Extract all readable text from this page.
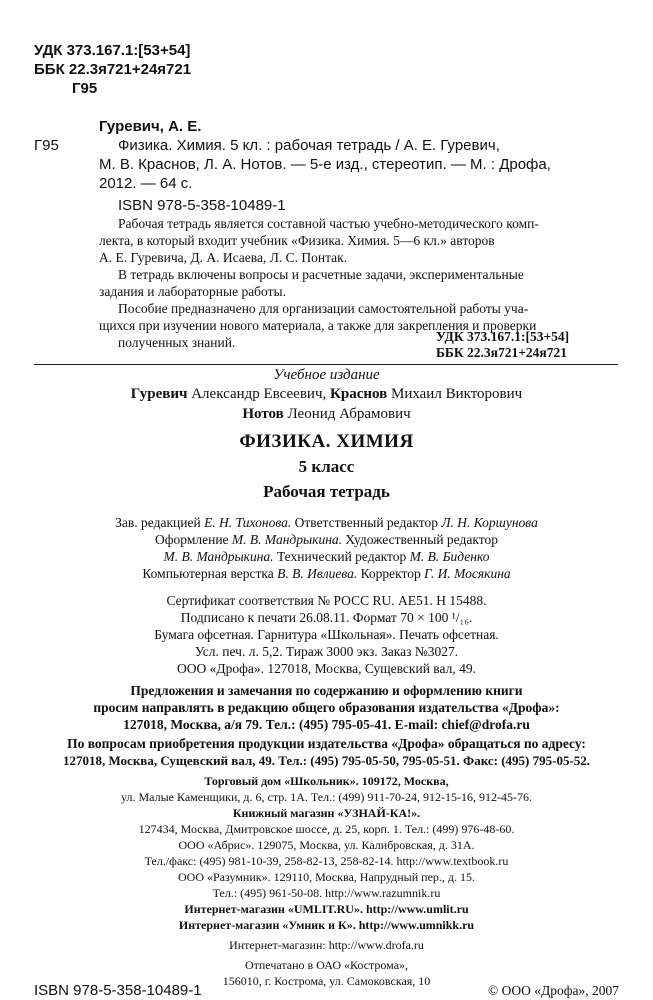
УДК 373.167.1:[53+54]
ББК 22.3я721+24я721
Г95
Гуревич, А. Е.
Г95	Физика. Химия. 5 кл. : рабочая тетрадь / А. Е. Гуревич,
М. В. Краснов, Л. А. Нотов. — 5-е изд., стереотип. — М. : Дрофа,
2012. — 64 с.
ISBN 978-5-358-10489-1
Рабочая тетрадь является составной частью учебно-методического комп-
лекта, в который входит учебник «Физика. Химия. 5—6 кл.» авторов
А. Е. Гуревича, Д. А. Исаева, Л. С. Понтак.
В тетрадь включены вопросы и расчетные задачи, экспериментальные
задания и лабораторные работы.
Пособие предназначено для организации самостоятельной работы уча-
щихся при изучении нового материала, а также для закрепления и проверки
полученных знаний.	УДК 373.167.1:[53+54]
ББК 22.3я721+24я721
Учебное издание
Гуревич Александр Евсеевич, Краснов Михаил Викторович
Нотов Леонид Абрамович
ФИЗИКА. ХИМИЯ
5 класс
Рабочая тетрадь
Зав. редакцией Е. Н. Тихонова. Ответственный редактор Л. Н. Коршунова
Оформление М. В. Мандрыкина. Художественный редактор
М. В. Мандрыкина. Технический редактор М. В. Биденко
Компьютерная верстка В. В. Ивлиева. Корректор Г. И. Мосякина
Сертификат соответствия № РОСС RU. АЕ51. Н 15488.
Подписано к печати 26.08.11. Формат 70 × 100 ¹/₁₆.
Бумага офсетная. Гарнитура «Школьная». Печать офсетная.
Усл. печ. л. 5,2. Тираж 3000 экз. Заказ №3027.
ООО «Дрофа». 127018, Москва, Сущевский вал, 49.
Предложения и замечания по содержанию и оформлению книги
просим направлять в редакцию общего образования издательства «Дрофа»:
127018, Москва, а/я 79. Тел.: (495) 795-05-41. E-mail: chief@drofa.ru
По вопросам приобретения продукции издательства «Дрофа» обращаться по адресу:
127018, Москва, Сущевский вал, 49. Тел.: (495) 795-05-50, 795-05-51. Факс: (495) 795-05-52.
Торговый дом «Школьник». 109172, Москва,
ул. Малые Каменщики, д. 6, стр. 1А. Тел.: (499) 911-70-24, 912-15-16, 912-45-76.
Книжный магазин «УЗНАЙ-КА!».
127434, Москва, Дмитровское шоссе, д. 25, корп. 1. Тел.: (499) 976-48-60.
ООО «Абрис». 129075, Москва, ул. Калибровская, д. 31А.
Тел./факс: (495) 981-10-39, 258-82-13, 258-82-14. http://www.textbook.ru
ООО «Разумник». 129110, Москва, Напрудный пер., д. 15.
Тел.: (495) 961-50-08. http://www.razumnik.ru
Интернет-магазин «UMLIT.RU». http://www.umlit.ru
Интернет-магазин «Умник и К». http://www.umnikk.ru
Интернет-магазин: http://www.drofa.ru
Отпечатано в ОАО «Кострома»,
156010, г. Кострома, ул. Самоковская, 10
ISBN 978-5-358-10489-1	© ООО «Дрофа», 2007
